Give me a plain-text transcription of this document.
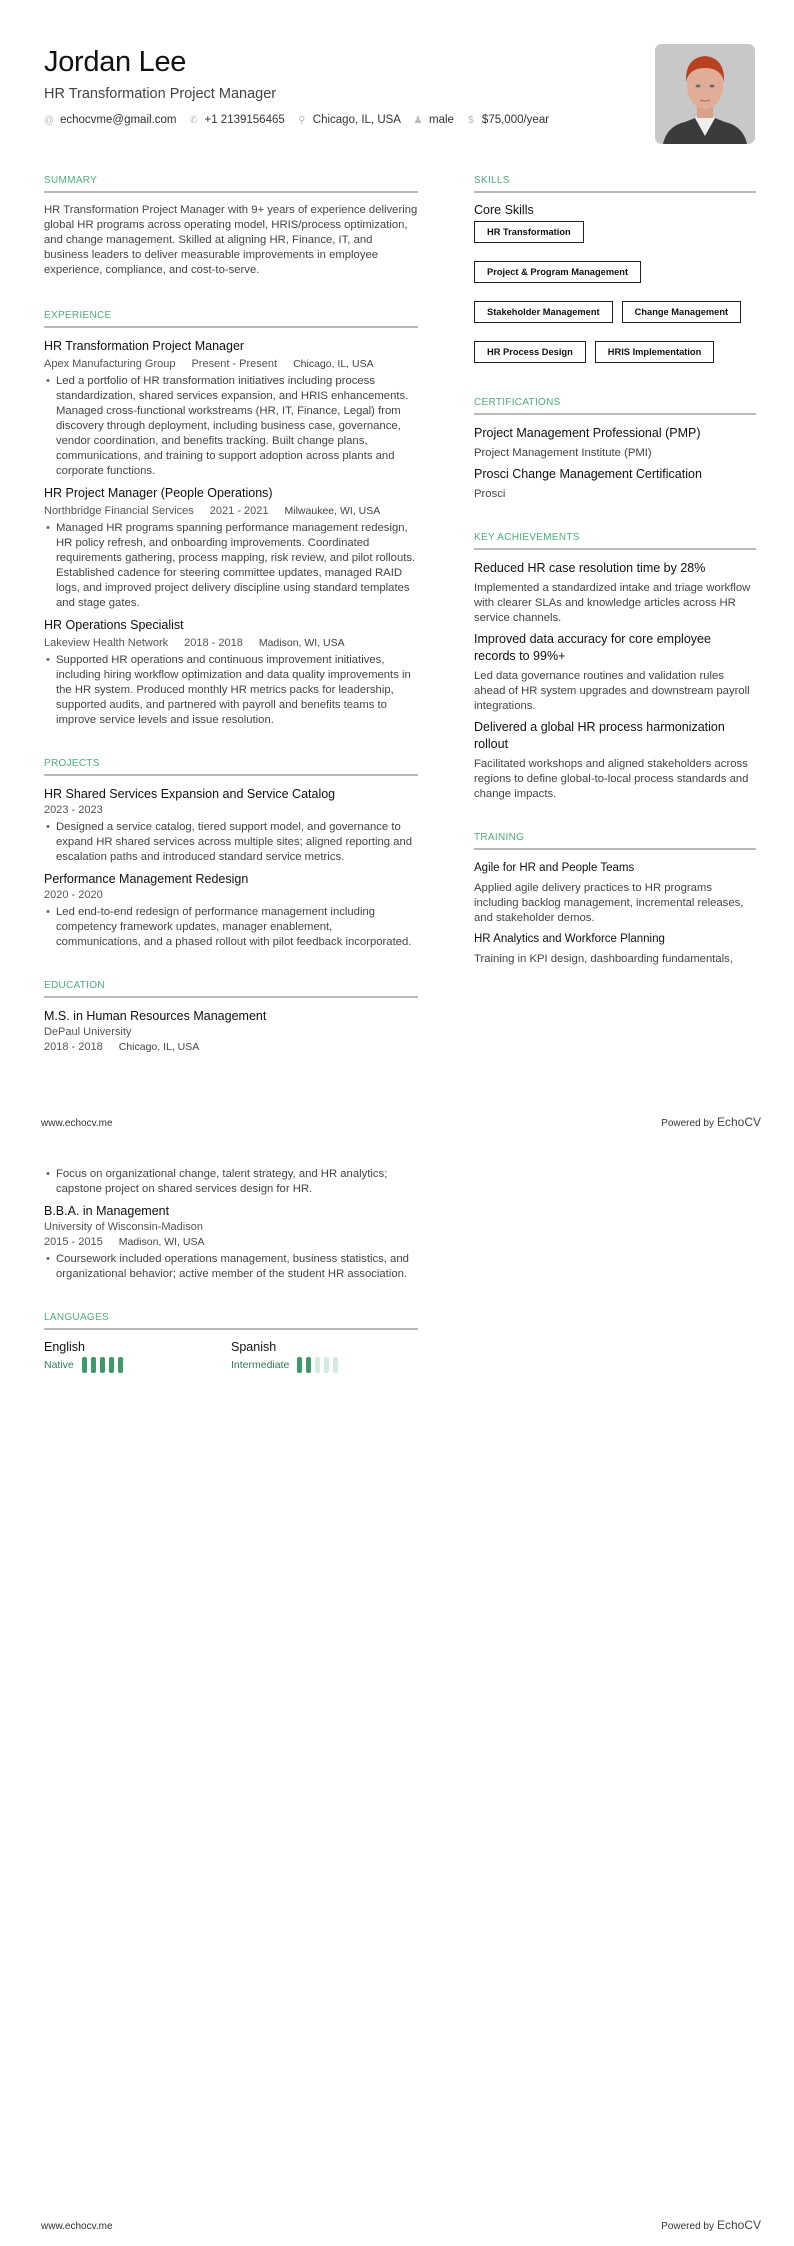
Jordan Lee
HR Transformation Project Manager
@ echocvme@gmail.com ✆ +1 2139156465 ⚲ Chicago, IL, USA ♟ male $ $75,000/year
SUMMARY

HR Transformation Project Manager with 9+ years of experience delivering global HR programs across operating model, HRIS/process optimization, and change management. Skilled at aligning HR, Finance, IT, and business leaders to deliver measurable improvements in employee experience, compliance, and cost-to-serve.

EXPERIENCE
HR Transformation Project Manager
Apex Manufacturing Group Present - Present Chicago, IL, USA
• Led a portfolio of HR transformation initiatives including process standardization, shared services expansion, and HRIS enhancements. Managed cross-functional workstreams (HR, IT, Finance, Legal) from discovery through deployment, including business case, governance, vendor coordination, and benefits tracking. Built change plans, communications, and training to support adoption across plants and corporate functions.
HR Project Manager (People Operations)
Northbridge Financial Services 2021 - 2021 Milwaukee, WI, USA
• Managed HR programs spanning performance management redesign, HR policy refresh, and onboarding improvements. Coordinated requirements gathering, process mapping, risk review, and pilot rollouts. Established cadence for steering committee updates, managed RAID logs, and improved project delivery discipline using standard templates and stage gates.
HR Operations Specialist
Lakeview Health Network 2018 - 2018 Madison, WI, USA
• Supported HR operations and continuous improvement initiatives, including hiring workflow optimization and data quality improvements in the HR system. Produced monthly HR metrics packs for leadership, supported audits, and partnered with payroll and benefits teams to improve service levels and issue resolution.
PROJECTS
HR Shared Services Expansion and Service Catalog
2023 - 2023
• Designed a service catalog, tiered support model, and governance to expand HR shared services across multiple sites; aligned reporting and escalation paths and introduced standard service metrics.
Performance Management Redesign
2020 - 2020
• Led end-to-end redesign of performance management including competency framework updates, manager enablement, communications, and a phased rollout with pilot feedback incorporated.
EDUCATION
M.S. in Human Resources Management
DePaul University
2018 - 2018 Chicago, IL, USA
SKILLS
Core Skills
HR Transformation
Project & Program Management
Stakeholder Management	Change Management
HR Process Design	HRIS Implementation
CERTIFICATIONS
Project Management Professional (PMP)
Project Management Institute (PMI)
Prosci Change Management Certification
Prosci
KEY ACHIEVEMENTS
Reduced HR case resolution time by 28%
Implemented a standardized intake and triage workflow with clearer SLAs and knowledge articles across HR service channels.
Improved data accuracy for core employee records to 99%+
Led data governance routines and validation rules ahead of HR system upgrades and downstream payroll integrations.
Delivered a global HR process harmonization rollout
Facilitated workshops and aligned stakeholders across regions to define global-to-local process standards and change impacts.
TRAINING
Agile for HR and People Teams
Applied agile delivery practices to HR programs including backlog management, incremental releases, and stakeholder demos.
HR Analytics and Workforce Planning
Training in KPI design, dashboarding fundamentals,
www.echocv.me	Powered by EchoCV
• Focus on organizational change, talent strategy, and HR analytics; capstone project on shared services design for HR.
B.B.A. in Management
University of Wisconsin-Madison
2015 - 2015 Madison, WI, USA
• Coursework included operations management, business statistics, and organizational behavior; active member of the student HR association.
LANGUAGES
English
Native
Spanish
Intermediate
www.echocv.me	Powered by EchoCV
